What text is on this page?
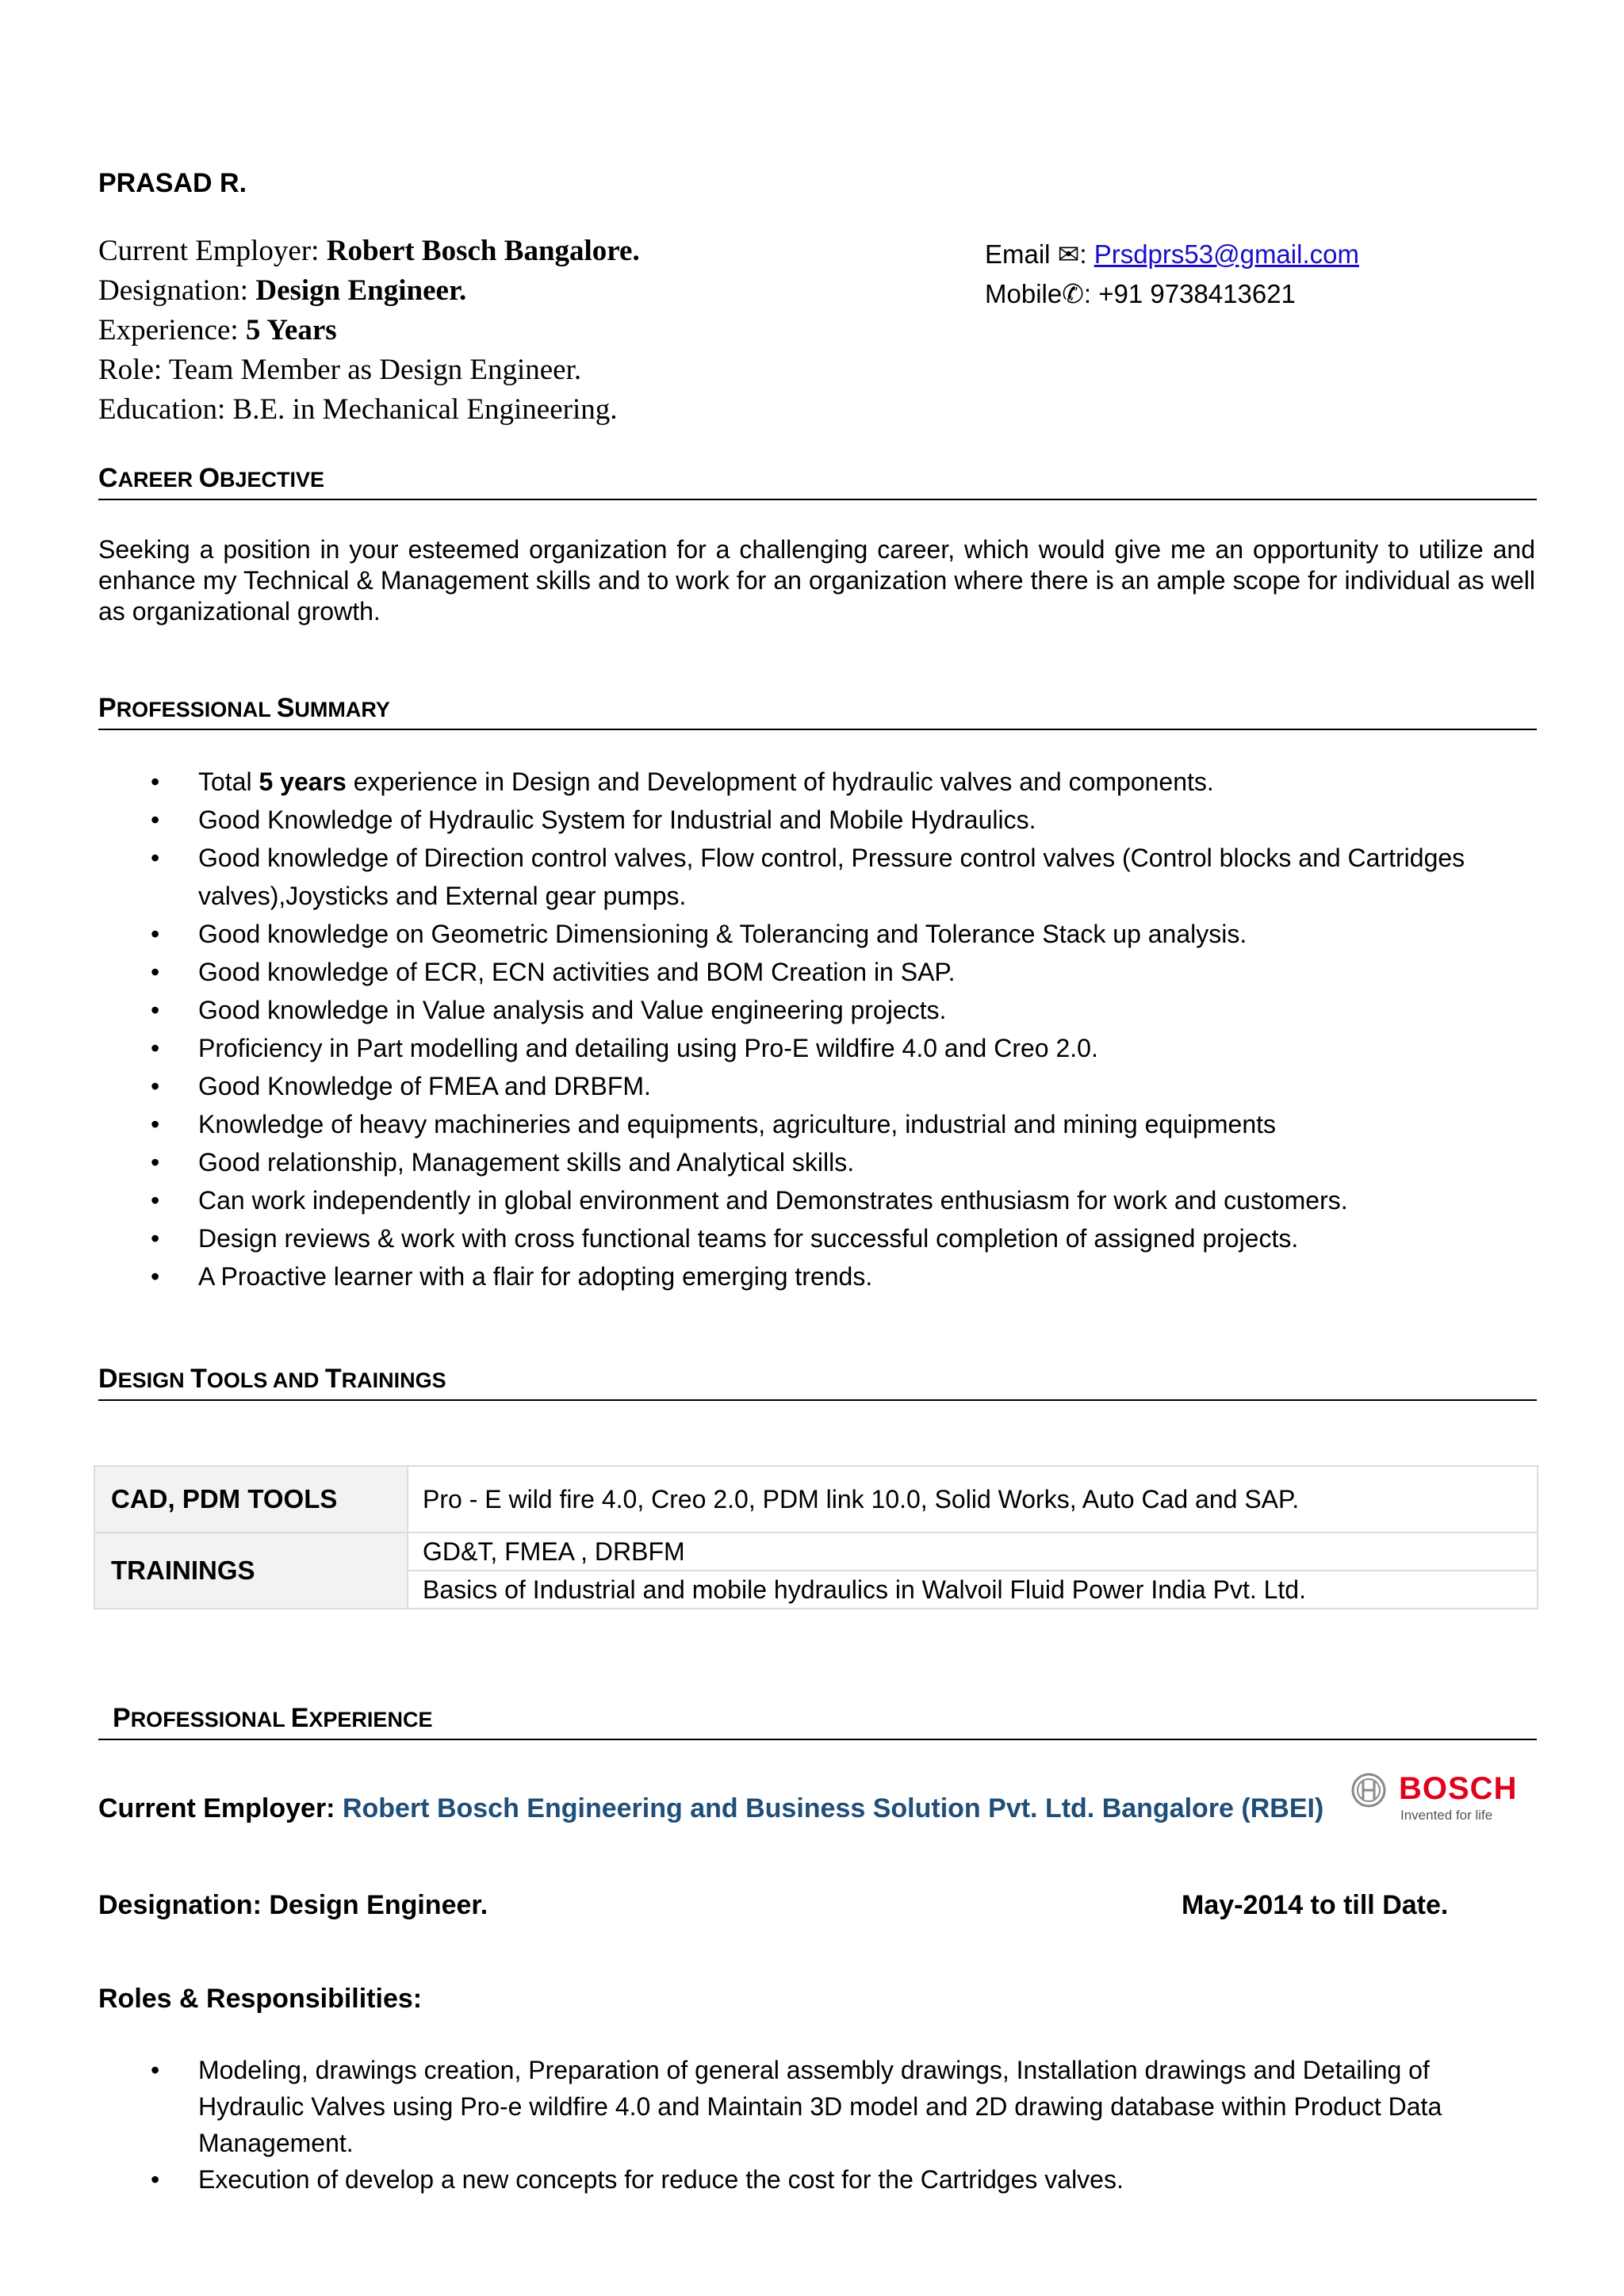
PRASAD R.
Current Employer: Robert Bosch Bangalore.
Designation: Design Engineer.
Experience: 5 Years
Role: Team Member as Design Engineer.
Education: B.E. in Mechanical Engineering.
Email ✉: Prsdprs53@gmail.com
Mobile✆: +91 9738413621
CAREER OBJECTIVE
Seeking a position in your esteemed organization for a challenging career, which would give me an opportunity to utilize and enhance my Technical & Management skills and to work for an organization where there is an ample scope for individual as well as organizational growth.
PROFESSIONAL SUMMARY
• Total 5 years experience in Design and Development of hydraulic valves and components.
• Good Knowledge of Hydraulic System for Industrial and Mobile Hydraulics.
• Good knowledge of Direction control valves, Flow control, Pressure control valves (Control blocks and Cartridges valves),Joysticks and External gear pumps.
• Good knowledge on Geometric Dimensioning & Tolerancing and Tolerance Stack up analysis.
• Good knowledge of ECR, ECN activities and BOM Creation in SAP.
• Good knowledge in Value analysis and Value engineering projects.
• Proficiency in Part modelling and detailing using Pro-E wildfire 4.0 and Creo 2.0.
• Good Knowledge of FMEA and DRBFM.
• Knowledge of heavy machineries and equipments, agriculture, industrial and mining equipments
• Good relationship, Management skills and Analytical skills.
• Can work independently in global environment and Demonstrates enthusiasm for work and customers.
• Design reviews & work with cross functional teams for successful completion of assigned projects.
• A Proactive learner with a flair for adopting emerging trends.
DESIGN TOOLS AND TRAININGS
CAD, PDM TOOLS	Pro - E wild fire 4.0, Creo 2.0, PDM link 10.0, Solid Works, Auto Cad and SAP.
TRAININGS	GD&T, FMEA , DRBFM
	Basics of Industrial and mobile hydraulics in Walvoil Fluid Power India Pvt. Ltd.
PROFESSIONAL EXPERIENCE
Current Employer: Robert Bosch Engineering and Business Solution Pvt. Ltd. Bangalore (RBEI)
BOSCH
Invented for life
Designation: Design Engineer.	May-2014 to till Date.
Roles & Responsibilities:
• Modeling, drawings creation, Preparation of general assembly drawings, Installation drawings and Detailing of Hydraulic Valves using Pro-e wildfire 4.0 and Maintain 3D model and 2D drawing database within Product Data Management.
• Execution of develop a new concepts for reduce the cost for the Cartridges valves.
